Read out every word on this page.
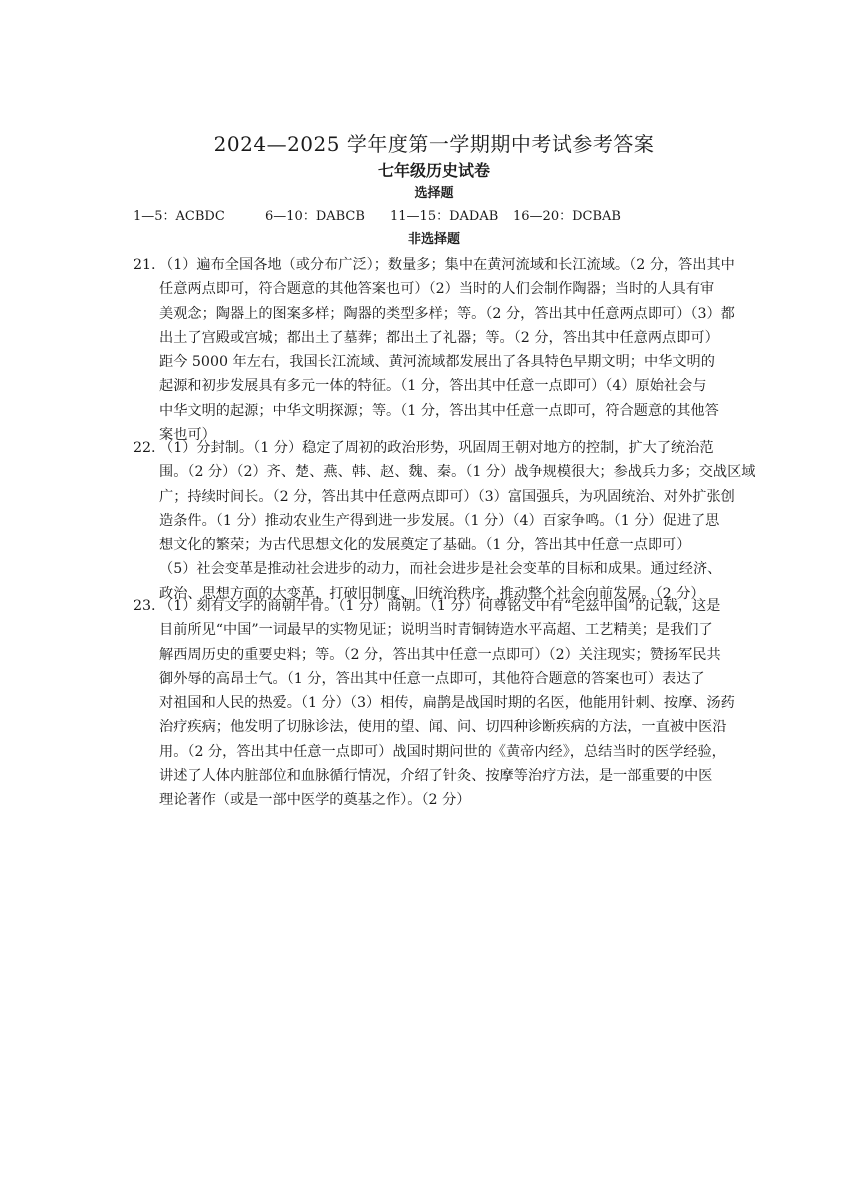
2024—2025 学年度第一学期期中考试参考答案
七年级历史试卷
选择题
1—5：ACBDC	6—10：DABCB 11—15：DADAB 16—20：DCBAB
非选择题
21. （1）遍布全国各地（或分布广泛）；数量多；集中在黄河流域和长江流域。（2 分，答出其中
任意两点即可，符合题意的其他答案也可）（2）当时的人们会制作陶器；当时的人具有审
美观念；陶器上的图案多样；陶器的类型多样；等。（2 分，答出其中任意两点即可）（3）都
出土了宫殿或宫城；都出土了墓葬；都出土了礼器；等。（2 分，答出其中任意两点即可）
距今 5000 年左右，我国长江流域、黄河流域都发展出了各具特色早期文明；中华文明的
起源和初步发展具有多元一体的特征。（1 分，答出其中任意一点即可）（4）原始社会与
中华文明的起源；中华文明探源；等。（1 分，答出其中任意一点即可，符合题意的其他答
案也可）
22. （1）分封制。（1 分）稳定了周初的政治形势，巩固周王朝对地方的控制，扩大了统治范
围。（2 分）（2）齐、楚、燕、韩、赵、魏、秦。（1 分）战争规模很大；参战兵力多；交战区域
广；持续时间长。（2 分，答出其中任意两点即可）（3）富国强兵，为巩固统治、对外扩张创
造条件。（1 分）推动农业生产得到进一步发展。（1 分）（4）百家争鸣。（1 分）促进了思
想文化的繁荣；为古代思想文化的发展奠定了基础。（1 分，答出其中任意一点即可）
（5）社会变革是推动社会进步的动力，而社会进步是社会变革的目标和成果。通过经济、
政治、思想方面的大变革，打破旧制度、旧统治秩序，推动整个社会向前发展。（2 分）
23. （1）刻有文字的商朝牛骨。（1 分）商朝。（1 分）何尊铭文中有“宅兹中国”的记载，这是
目前所见“中国”一词最早的实物见证；说明当时青铜铸造水平高超、工艺精美；是我们了
解西周历史的重要史料；等。（2 分，答出其中任意一点即可）（2）关注现实；赞扬军民共
御外辱的高昂士气。（1 分，答出其中任意一点即可，其他符合题意的答案也可）表达了
对祖国和人民的热爱。（1 分）（3）相传，扁鹊是战国时期的名医，他能用针刺、按摩、汤药
治疗疾病；他发明了切脉诊法，使用的望、闻、问、切四种诊断疾病的方法，一直被中医沿
用。（2 分，答出其中任意一点即可）战国时期问世的《黄帝内经》，总结当时的医学经验，
讲述了人体内脏部位和血脉循行情况，介绍了针灸、按摩等治疗方法，是一部重要的中医
理论著作（或是一部中医学的奠基之作）。（2 分）
